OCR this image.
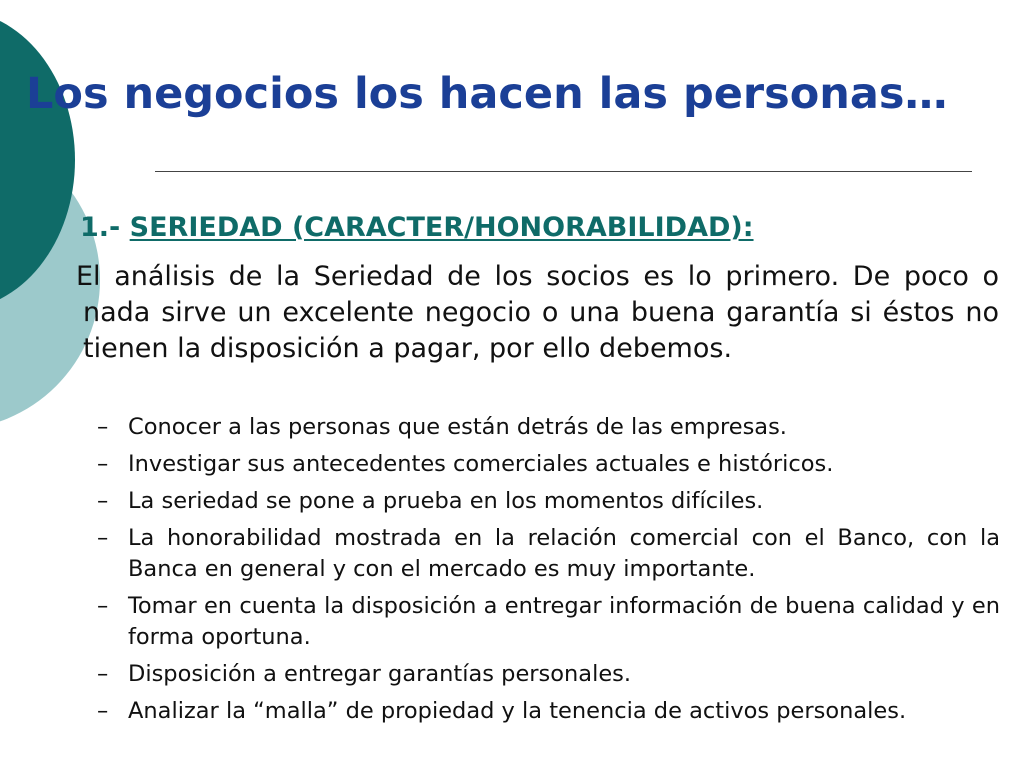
Los negocios los hacen las personas…
1.- SERIEDAD (CARACTER/HONORABILIDAD):

El análisis de la Seriedad de los socios es lo primero. De poco o nada sirve un excelente negocio o una buena garantía si éstos no tienen la disposición a pagar, por ello debemos.

– Conocer a las personas que están detrás de las empresas.
– Investigar sus antecedentes comerciales actuales e históricos.
– La seriedad se pone a prueba en los momentos difíciles.
– La honorabilidad mostrada en la relación comercial con el Banco, con la Banca en general y con el mercado es muy importante.
– Tomar en cuenta la disposición a entregar información de buena calidad y en forma oportuna.
– Disposición a entregar garantías personales.
– Analizar la “malla” de propiedad y la tenencia de activos personales.
